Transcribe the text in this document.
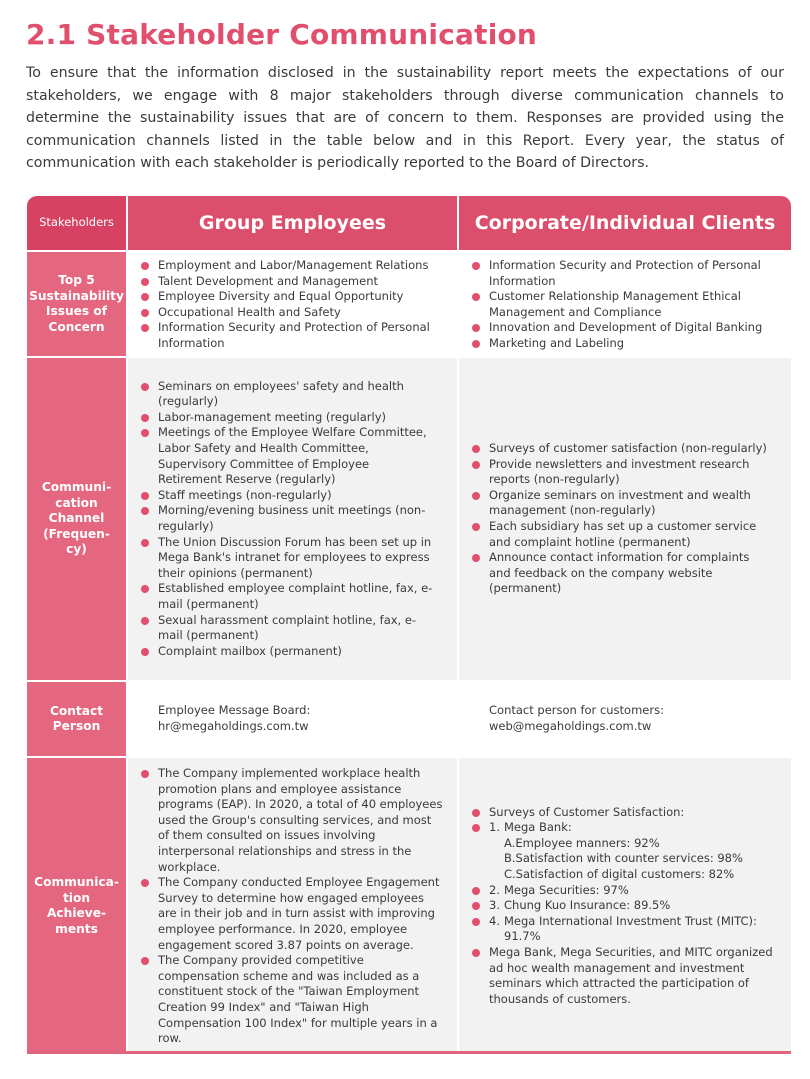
2.1 Stakeholder Communication

To ensure that the information disclosed in the sustainability report meets the expectations of our stakeholders, we engage with 8 major stakeholders through diverse communication channels to determine the sustainability issues that are of concern to them. Responses are provided using the communication channels listed in the table below and in this Report. Every year, the status of communication with each stakeholder is periodically reported to the Board of Directors.

Stakeholders	Group Employees	Corporate/Individual Clients
Top 5 Sustainability Issues of Concern
Employment and Labor/Management Relations
Talent Development and Management
Employee Diversity and Equal Opportunity
Occupational Health and Safety
Information Security and Protection of Personal Information
Information Security and Protection of Personal Information
Customer Relationship Management Ethical Management and Compliance
Innovation and Development of Digital Banking
Marketing and Labeling
Communi-cation Channel (Frequen-cy)
Seminars on employees' safety and health (regularly)
Labor-management meeting (regularly)
Meetings of the Employee Welfare Committee, Labor Safety and Health Committee, Supervisory Committee of Employee Retirement Reserve (regularly)
Staff meetings (non-regularly)
Morning/evening business unit meetings (non-regularly)
The Union Discussion Forum has been set up in Mega Bank's intranet for employees to express their opinions (permanent)
Established employee complaint hotline, fax, e-mail (permanent)
Sexual harassment complaint hotline, fax, e-mail (permanent)
Complaint mailbox (permanent)
Surveys of customer satisfaction (non-regularly)
Provide newsletters and investment research reports (non-regularly)
Organize seminars on investment and wealth management (non-regularly)
Each subsidiary has set up a customer service and complaint hotline (permanent)
Announce contact information for complaints and feedback on the company website (permanent)
Contact Person
Employee Message Board:
hr@megaholdings.com.tw
Contact person for customers:
web@megaholdings.com.tw
Communica-tion Achieve-ments
The Company implemented workplace health promotion plans and employee assistance programs (EAP). In 2020, a total of 40 employees used the Group's consulting services, and most of them consulted on issues involving interpersonal relationships and stress in the workplace.
The Company conducted Employee Engagement Survey to determine how engaged employees are in their job and in turn assist with improving employee performance. In 2020, employee engagement scored 3.87 points on average.
The Company provided competitive compensation scheme and was included as a constituent stock of the "Taiwan Employment Creation 99 Index" and "Taiwan High Compensation 100 Index" for multiple years in a row.
Surveys of Customer Satisfaction:
1. Mega Bank:
A.Employee manners: 92%
B.Satisfaction with counter services: 98%
C.Satisfaction of digital customers: 82%
2. Mega Securities: 97%
3. Chung Kuo Insurance: 89.5%
4. Mega International Investment Trust (MITC): 91.7%
Mega Bank, Mega Securities, and MITC organized ad hoc wealth management and investment seminars which attracted the participation of thousands of customers.
